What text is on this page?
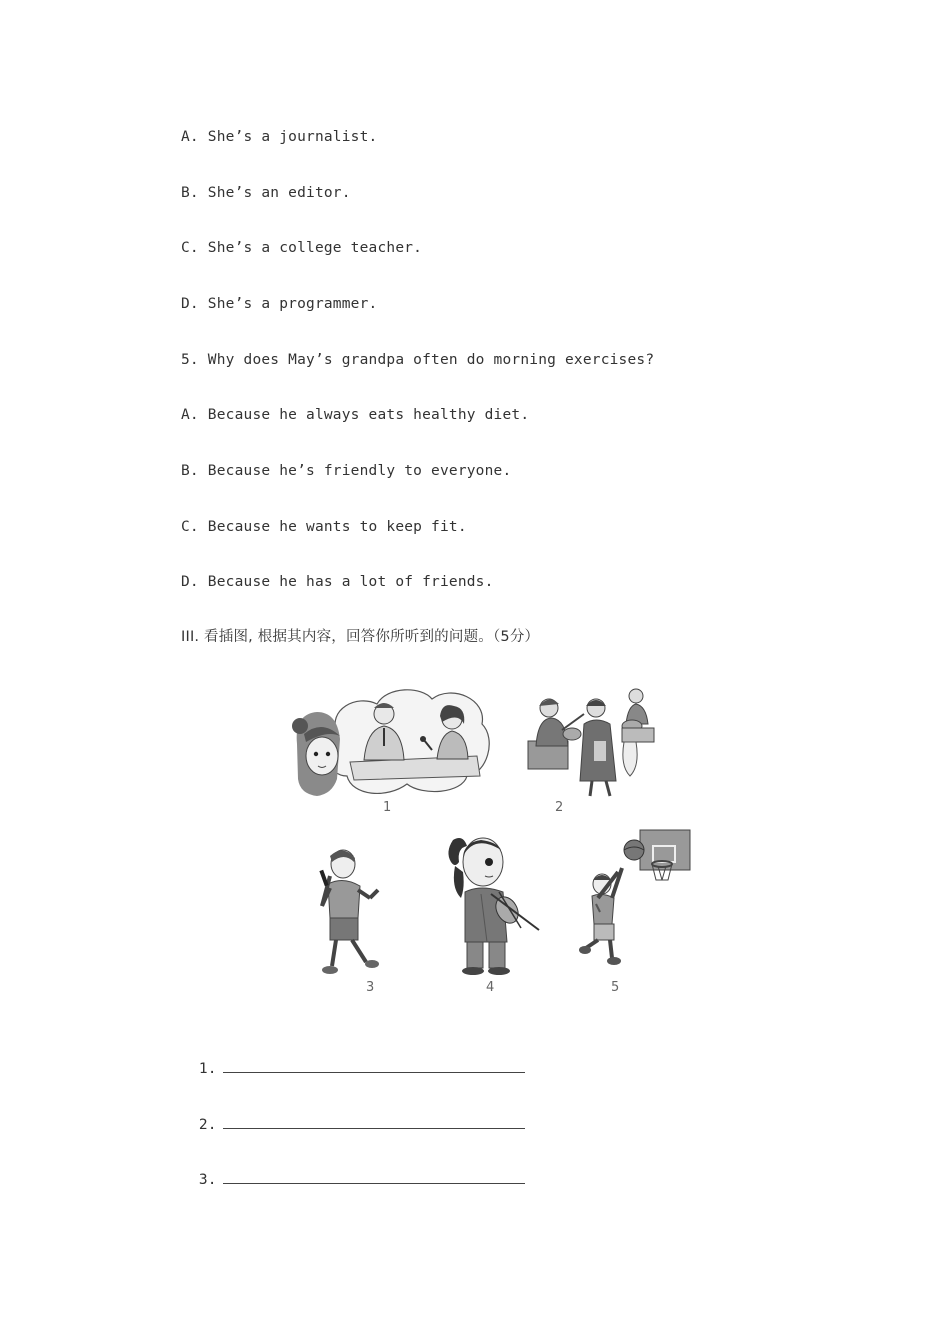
A. She’s a journalist.
B. She’s an editor.
C. She’s a college teacher.
D. She’s a programmer.
5. Why does May’s grandpa often do morning exercises?
A. Because he always eats healthy diet.
B. Because he’s friendly to everyone.
C. Because he wants to keep fit.
D. Because he has a lot of friends.
III. 看插图, 根据其内容，回答你所听到的问题。（5分）
1	2
3	4	5

1.

2.

3.
